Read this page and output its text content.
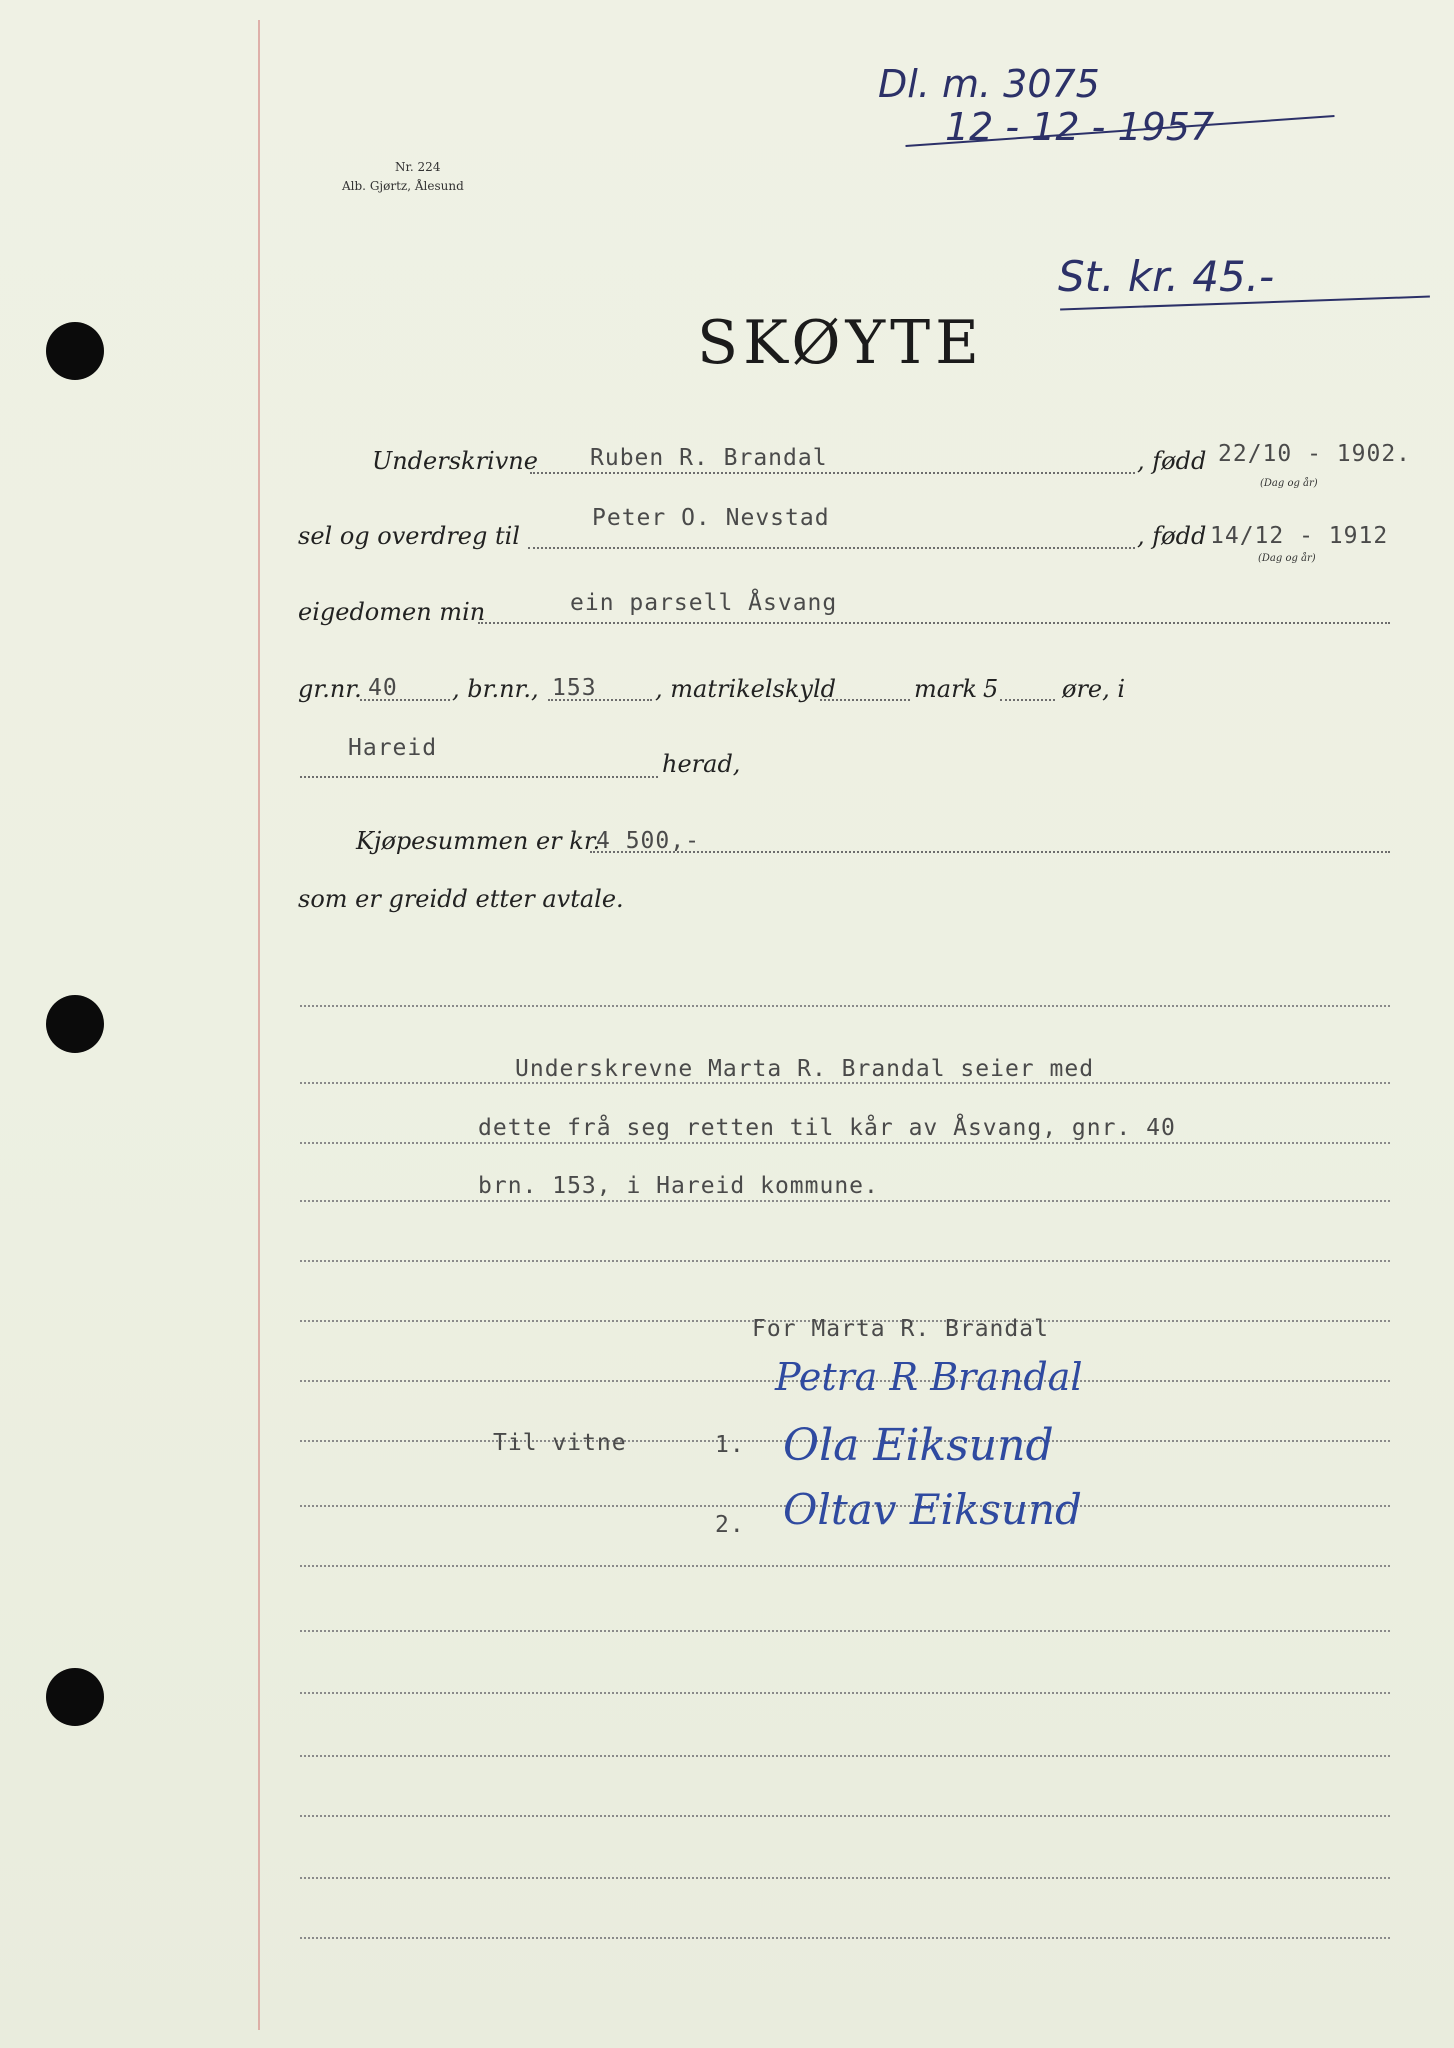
Dl. m. 3075
12 - 12 - 1957
St. kr. 45.-
Nr. 224
Alb. Gjørtz, Ålesund
SKØYTE
Underskrivne Ruben R. Brandal	, fødd 22/10 - 1902.
(Dag og år)
sel og overdreg til
Peter O. Nevstad
, fødd 14/12 - 1912
(Dag og år)
eigedomen min	ein parsell Åsvang
gr.nr. 40 , br.nr., 153 , matrikelskyld	mark 5	øre, i
Hareid
herad,
Kjøpesummen er kr.
4 500,-
som er greidd etter avtale.
Underskrevne Marta R. Brandal seier med
dette frå seg retten til kår av Åsvang, gnr. 40
brn. 153, i Hareid kommune.
For Marta R. Brandal
Petra R Brandal
Til vitne	1. Ola Eiksund
2. Oltav Eiksund
